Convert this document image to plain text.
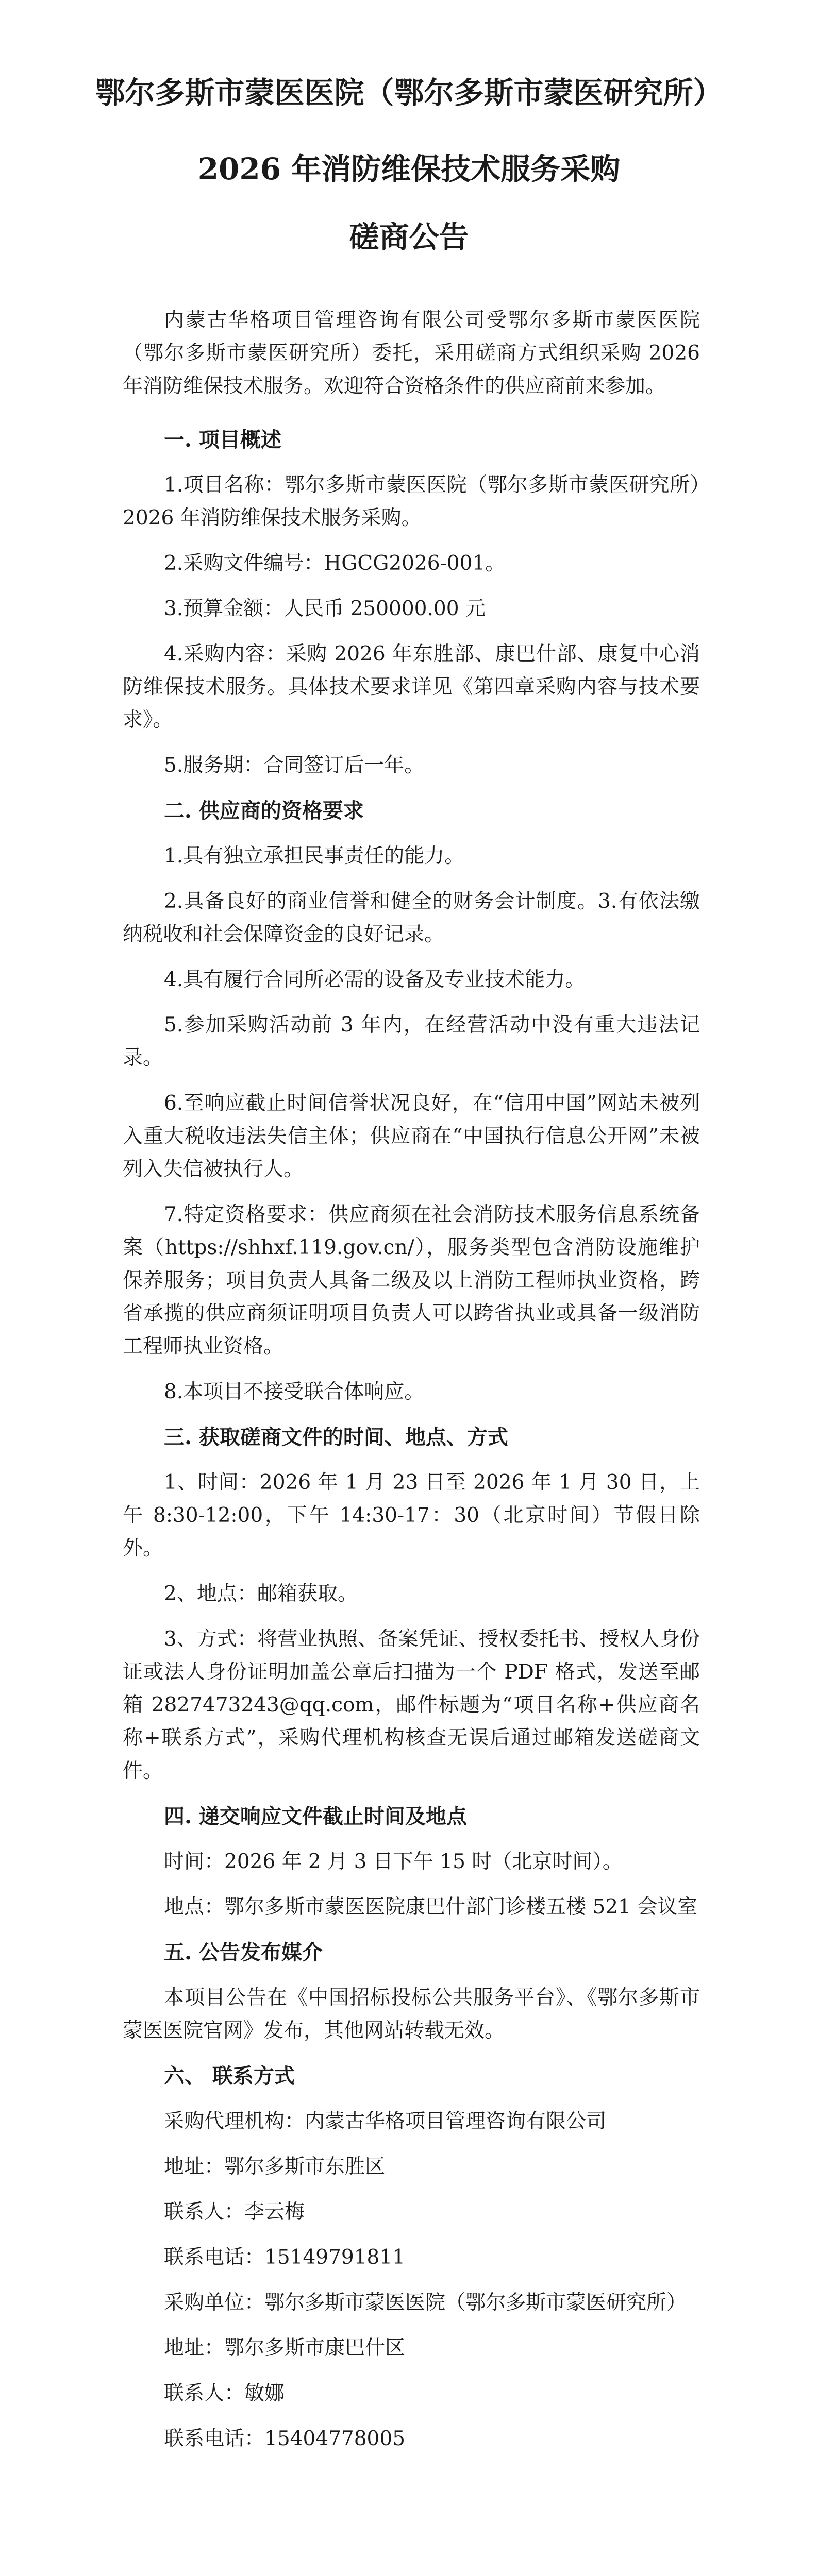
鄂尔多斯市蒙医医院（鄂尔多斯市蒙医研究所）
2026 年消防维保技术服务采购
磋商公告

内蒙古华格项目管理咨询有限公司受鄂尔多斯市蒙医医院（鄂尔多斯市蒙医研究所）委托，采用磋商方式组织采购 2026 年消防维保技术服务。欢迎符合资格条件的供应商前来参加。

一. 项目概述

1.项目名称：鄂尔多斯市蒙医医院（鄂尔多斯市蒙医研究所）2026 年消防维保技术服务采购。

2.采购文件编号：HGCG2026-001。

3.预算金额：人民币 250000.00 元

4.采购内容：采购 2026 年东胜部、康巴什部、康复中心消防维保技术服务。具体技术要求详见《第四章采购内容与技术要求》。

5.服务期：合同签订后一年。

二. 供应商的资格要求

1.具有独立承担民事责任的能力。

2.具备良好的商业信誉和健全的财务会计制度。3.有依法缴纳税收和社会保障资金的良好记录。

4.具有履行合同所必需的设备及专业技术能力。

5.参加采购活动前 3 年内，在经营活动中没有重大违法记录。

6.至响应截止时间信誉状况良好，在“信用中国”网站未被列入重大税收违法失信主体；供应商在“中国执行信息公开网”未被列入失信被执行人。

7.特定资格要求：供应商须在社会消防技术服务信息系统备案（https://shhxf.119.gov.cn/），服务类型包含消防设施维护保养服务；项目负责人具备二级及以上消防工程师执业资格，跨省承揽的供应商须证明项目负责人可以跨省执业或具备一级消防工程师执业资格。

8.本项目不接受联合体响应。

三. 获取磋商文件的时间、地点、方式

1、时间：2026 年 1 月 23 日至 2026 年 1 月 30 日，上午 8:30-12:00，下午 14:30-17：30（北京时间）节假日除外。

2、地点：邮箱获取。

3、方式：将营业执照、备案凭证、授权委托书、授权人身份证或法人身份证明加盖公章后扫描为一个 PDF 格式，发送至邮箱 2827473243@qq.com，邮件标题为“项目名称+供应商名称+联系方式”，采购代理机构核查无误后通过邮箱发送磋商文件。

四. 递交响应文件截止时间及地点

时间：2026 年 2 月 3 日下午 15 时（北京时间）。

地点：鄂尔多斯市蒙医医院康巴什部门诊楼五楼 521 会议室

五. 公告发布媒介

本项目公告在《中国招标投标公共服务平台》、《鄂尔多斯市蒙医医院官网》发布，其他网站转载无效。

六、 联系方式

采购代理机构：内蒙古华格项目管理咨询有限公司

地址：鄂尔多斯市东胜区

联系人：李云梅

联系电话：15149791811

采购单位：鄂尔多斯市蒙医医院（鄂尔多斯市蒙医研究所）

地址：鄂尔多斯市康巴什区

联系人：敏娜

联系电话：15404778005
